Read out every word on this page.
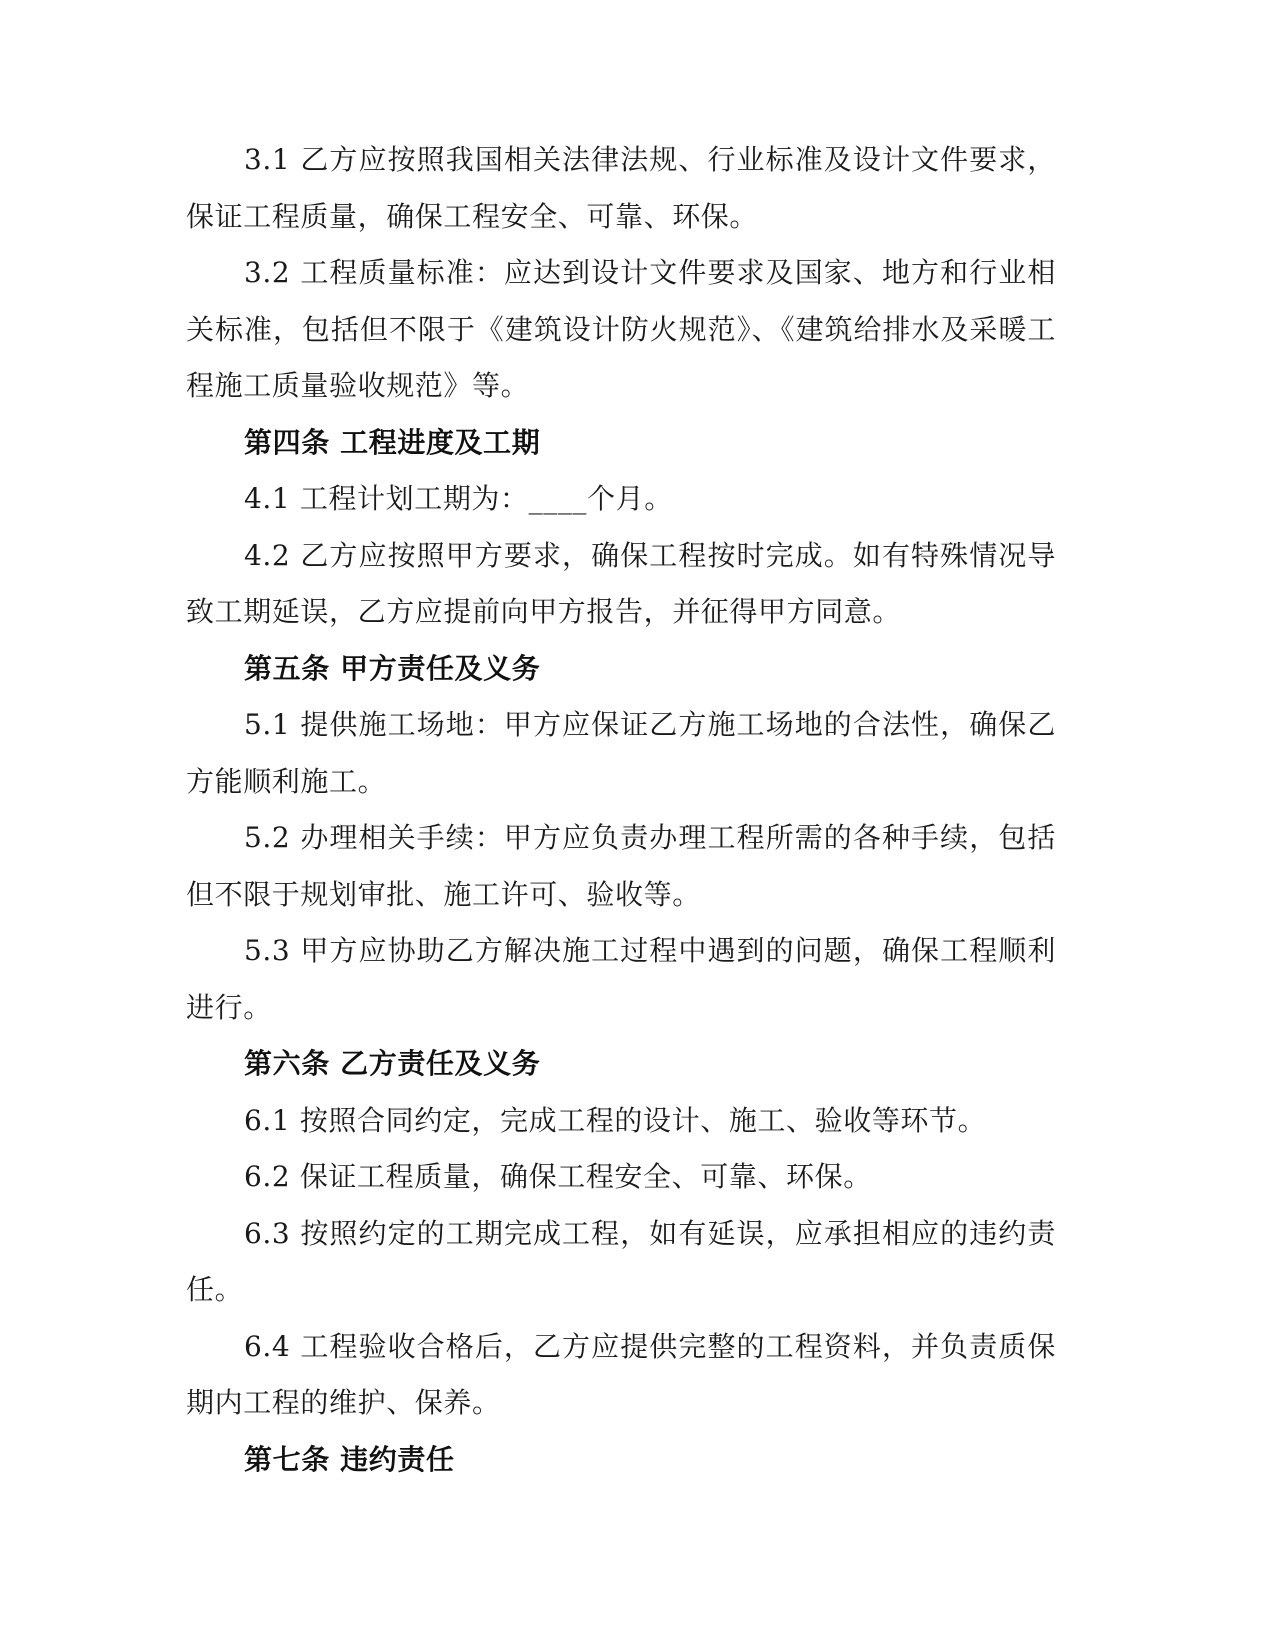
3.1 乙方应按照我国相关法律法规、行业标准及设计文件要求，保证工程质量，确保工程安全、可靠、环保。

3.2 工程质量标准：应达到设计文件要求及国家、地方和行业相关标准，包括但不限于《建筑设计防火规范》、《建筑给排水及采暖工程施工质量验收规范》等。

第四条 工程进度及工期

4.1 工程计划工期为：____个月。

4.2 乙方应按照甲方要求，确保工程按时完成。如有特殊情况导致工期延误，乙方应提前向甲方报告，并征得甲方同意。

第五条 甲方责任及义务

5.1 提供施工场地：甲方应保证乙方施工场地的合法性，确保乙方能顺利施工。

5.2 办理相关手续：甲方应负责办理工程所需的各种手续，包括但不限于规划审批、施工许可、验收等。

5.3 甲方应协助乙方解决施工过程中遇到的问题，确保工程顺利进行。

第六条 乙方责任及义务

6.1 按照合同约定，完成工程的设计、施工、验收等环节。

6.2 保证工程质量，确保工程安全、可靠、环保。

6.3 按照约定的工期完成工程，如有延误，应承担相应的违约责任。

6.4 工程验收合格后，乙方应提供完整的工程资料，并负责质保期内工程的维护、保养。

第七条 违约责任
